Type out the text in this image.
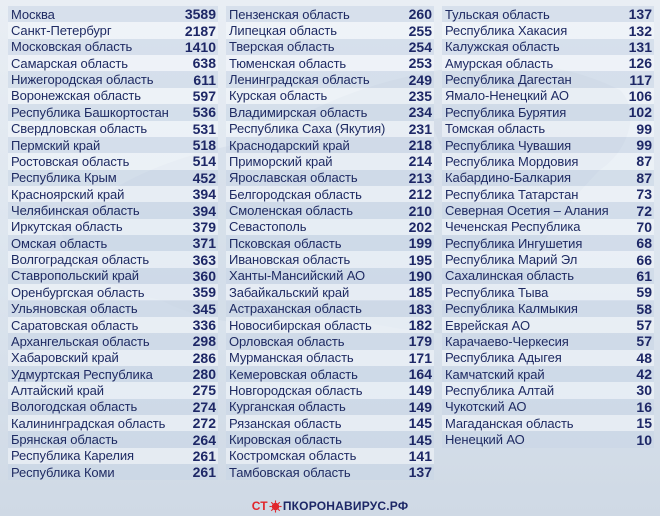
Москва	3589
Санкт-Петербург	2187
Московская область	1410
Самарская область	638
Нижегородская область	611
Воронежская область	597
Республика Башкортостан 536
Свердловская область	531
Пермский край	518
Ростовская область	514
Республика Крым	452
Красноярский край	394
Челябинская область	394
Иркутская область	379
Омская область	371
Волгоградская область	363
Ставропольский край	360
Оренбургская область	359
Ульяновская область	345
Саратовская область	336
Архангельская область	298
Хабаровский край	286
Удмуртская Республика	280
Алтайский край	275
Вологодская область	274
Калининградская область 272
Брянская область	264
Республика Карелия	261
Республика Коми	261
Пензенская область	260
Липецкая область	255
Тверская область	254
Тюменская область	253
Ленинградская область	249
Курская область	235
Владимирская область	234
Республика Саха (Якутия) 231
Краснодарский край	218
Приморский край	214
Ярославская область	213
Белгородская область	212
Смоленская область	210
Севастополь	202
Псковская область	199
Ивановская область	195
Ханты-Мансийский АО	190
Забайкальский край	185
Астраханская область	183
Новосибирская область	182
Орловская область	179
Мурманская область	171
Кемеровская область	164
Новгородская область	149
Курганская область	149
Рязанская область	145
Кировская область	145
Костромская область	141
Тамбовская область	137
Тульская область	137
Республика Хакасия	132
Калужская область	131
Амурская область	126
Республика Дагестан	117
Ямало-Ненецкий АО	106
Республика Бурятия	102
Томская область	99
Республика Чувашия	99
Республика Мордовия	87
Кабардино-Балкария	87
Республика Татарстан	73
Северная Осетия – Алания 72
Чеченская Республика	70
Республика Ингушетия	68
Республика Марий Эл	66
Сахалинская область	61
Республика Тыва	59
Республика Калмыкия	58
Еврейская АО	57
Карачаево-Черкесия	57
Республика Адыгея	48
Камчатский край	42
Республика Алтай	30
Чукотский АО	16
Магаданская область	15
Ненецкий АО	10
СТ ПКОРОНАВИРУС.РФ
